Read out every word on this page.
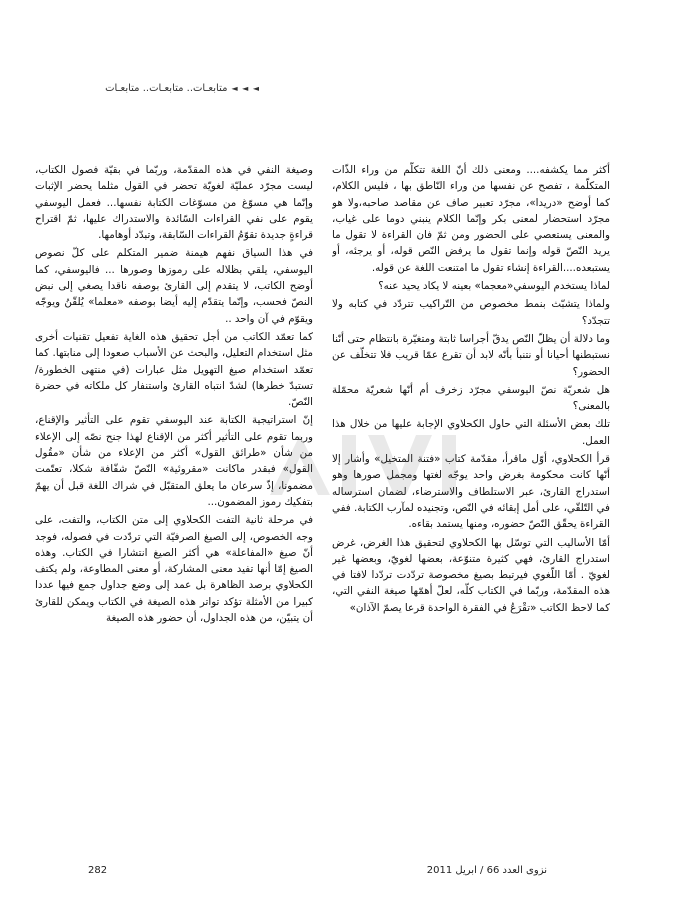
◄ ◄ ◄
متابعـات.. متابعـات.. متابعـات

أكثر مما يكشفه.... ومعنى ذلك أنّ اللغة تتكلّم من وراء الذّات المتكلّمة ، تفصح عن نفسها من وراء النّاطق بها ، فليس الكلام، كما أوضح «دريدا»، مجرّد تعبير صاف عن مقاصد صاحبه،ولا هو مجرّد استحضار لمعنى بكر وإنّما الكلام ينبني دوما على غياب، والمعنى يستعصي على الحضور ومن ثمّ فان القراءة لا تقول ما يريد النّصّ قوله وإنما تقول ما يرفض النّص قوله، أو يرجئه، أو يستبعده....القراءة إنشاء تقول ما امتنعت اللغة عن قوله.

لماذا يستخدم اليوسفي«معجما» بعينه لا يكاد يحيد عنه؟

ولماذا يتشبّث بنمط مخصوص من التّراكيب تتردّد في كتابه ولا تتجدّد؟

وما دلالة أن يظلّ النّص يدقّ أجراسا ثابتة ومتغيّرة بانتظام حتى أنّنا نستبطنها أحيانا أو نتنبأ بأنّه لابد أن تقرع عمّا قريب فلا تتخلّف عن الحضور؟

هل شعريّة نصّ اليوسفي مجرّد زخرف أم أنّها شعريّة محمّلة بالمعنى؟

تلك بعض الأسئلة التي حاول الكحلاوي الإجابة عليها من خلال هذا العمل.

قرأ الكحلاوي، أوّل ماقرأ، مقدّمة كتاب «فتنة المتخيل» وأشار إلا أنّها كانت محكومة بغرض واحد يوجّه لغتها ومجمل صورها وهو استدراج القارئ، عبر الاستلطاف والاسترضاء، لضمان استرساله في التّلقّي، على أمل إبقائه في النّص، وتجنيده لمآرب الكتابة. ففي القراءة يحقّق النّصّ حضوره، ومنها يستمد بقاءه.

أمّا الأساليب التي توسّل بها الكحلاوي لتحقيق هذا الغرض، غرض استدراج القارئ، فهي كثيرة متنوّعة، بعضها لغويّ، وبعضها غير لغويّ . أمّا اللّغوي فيرتبط بصيغ مخصوصة تردّدت تردّدا لافتا في هذه المقدّمة، وربّما في الكتاب كلّه، لعلّ أهمّها صيغة النفي التي، كما لاحظ الكاتب «تقْرَعُ في الفقرة الواحدة قرعا يصمّ الآذان»

وصيغة النفي في هذه المقدّمة، وربّما في بقيّة فصول الكتاب، ليست مجرّد عمليّة لغويّة تحضر في القول مثلما يحضر الإثبات وإنّما هي مسوّغ من مسوّغات الكتابة نفسها... فعمل اليوسفي يقوم على نفي القراءات السّائدة والاستدراك عليها، ثمّ اقتراح قراءةٍ جديدة تقوّمُ القراءات السّابقة، وتبدّد أوهامها.

في هذا السياق نفهم هيمنة ضمير المتكلم على كلّ نصوص اليوسفي، يلقي بظلاله على رموزها وصورها ... فاليوسفي، كما أوضح الكاتب، لا يتقدم إلى القارئ بوصفه ناقدا يصغي إلى نبض النصّ فحسب، وإنّما يتقدّم إليه أيضا بوصفه «معلما» يُلقّنُ ويوجّه ويقوّم في آن واحد ..

كما تعمّد الكاتب من أجل تحقيق هذه الغاية تفعيل تقنيات أخرى مثل استخدام التعليل، والبحث عن الأسباب صعودا إلى منابتها. كما تعمّد استخدام صيغ التهويل مثل عبارات (في منتهى الخطورة/ تستبدّ خطرها) لشدّ انتباه القارئ واستنفار كل ملكاته في حضرة النّصّ.

إنّ استراتيجية الكتابة عند اليوسفي تقوم على التأثير والإقناع، وربما تقوم على التأثير أكثر من الإقناع لهذا جنح نصّه إلى الإعلاء من شأن «طرائق القول» أكثر من الإعلاء من شأن «مقُول القول» فبقدر ماكانت «مقروئية» النّصّ شفّافة شكلا، تعتّمت مضمونا، إذّ سرعان ما يعلق المتقبّل في شراك اللغة قبل أن يهمّ بتفكيك رموز المضمون...

في مرحلة ثانية التفت الكحلاوي إلى متن الكتاب، والتفت، على وجه الخصوص، إلى الصيغ الصرفيّة التي تردّدت في فصوله، فوجد أنّ صيغ «المفاعلة» هي أكثر الصيغ انتشارا في الكتاب. وهذه الصيغ إمّا أنها تفيد معنى المشاركة، أو معنى المطاوعة، ولم يكتف الكحلاوي برصد الظاهرة بل عمد إلى وضع جداول جمع فيها عددا كبيرا من الأمثلة تؤكد تواتر هذه الصيغة في الكتاب ويمكن للقارئ أن يتبيّن، من هذه الجداول، أن حضور هذه الصيغة

282	نزوى العدد 66 / ابريل 2011
